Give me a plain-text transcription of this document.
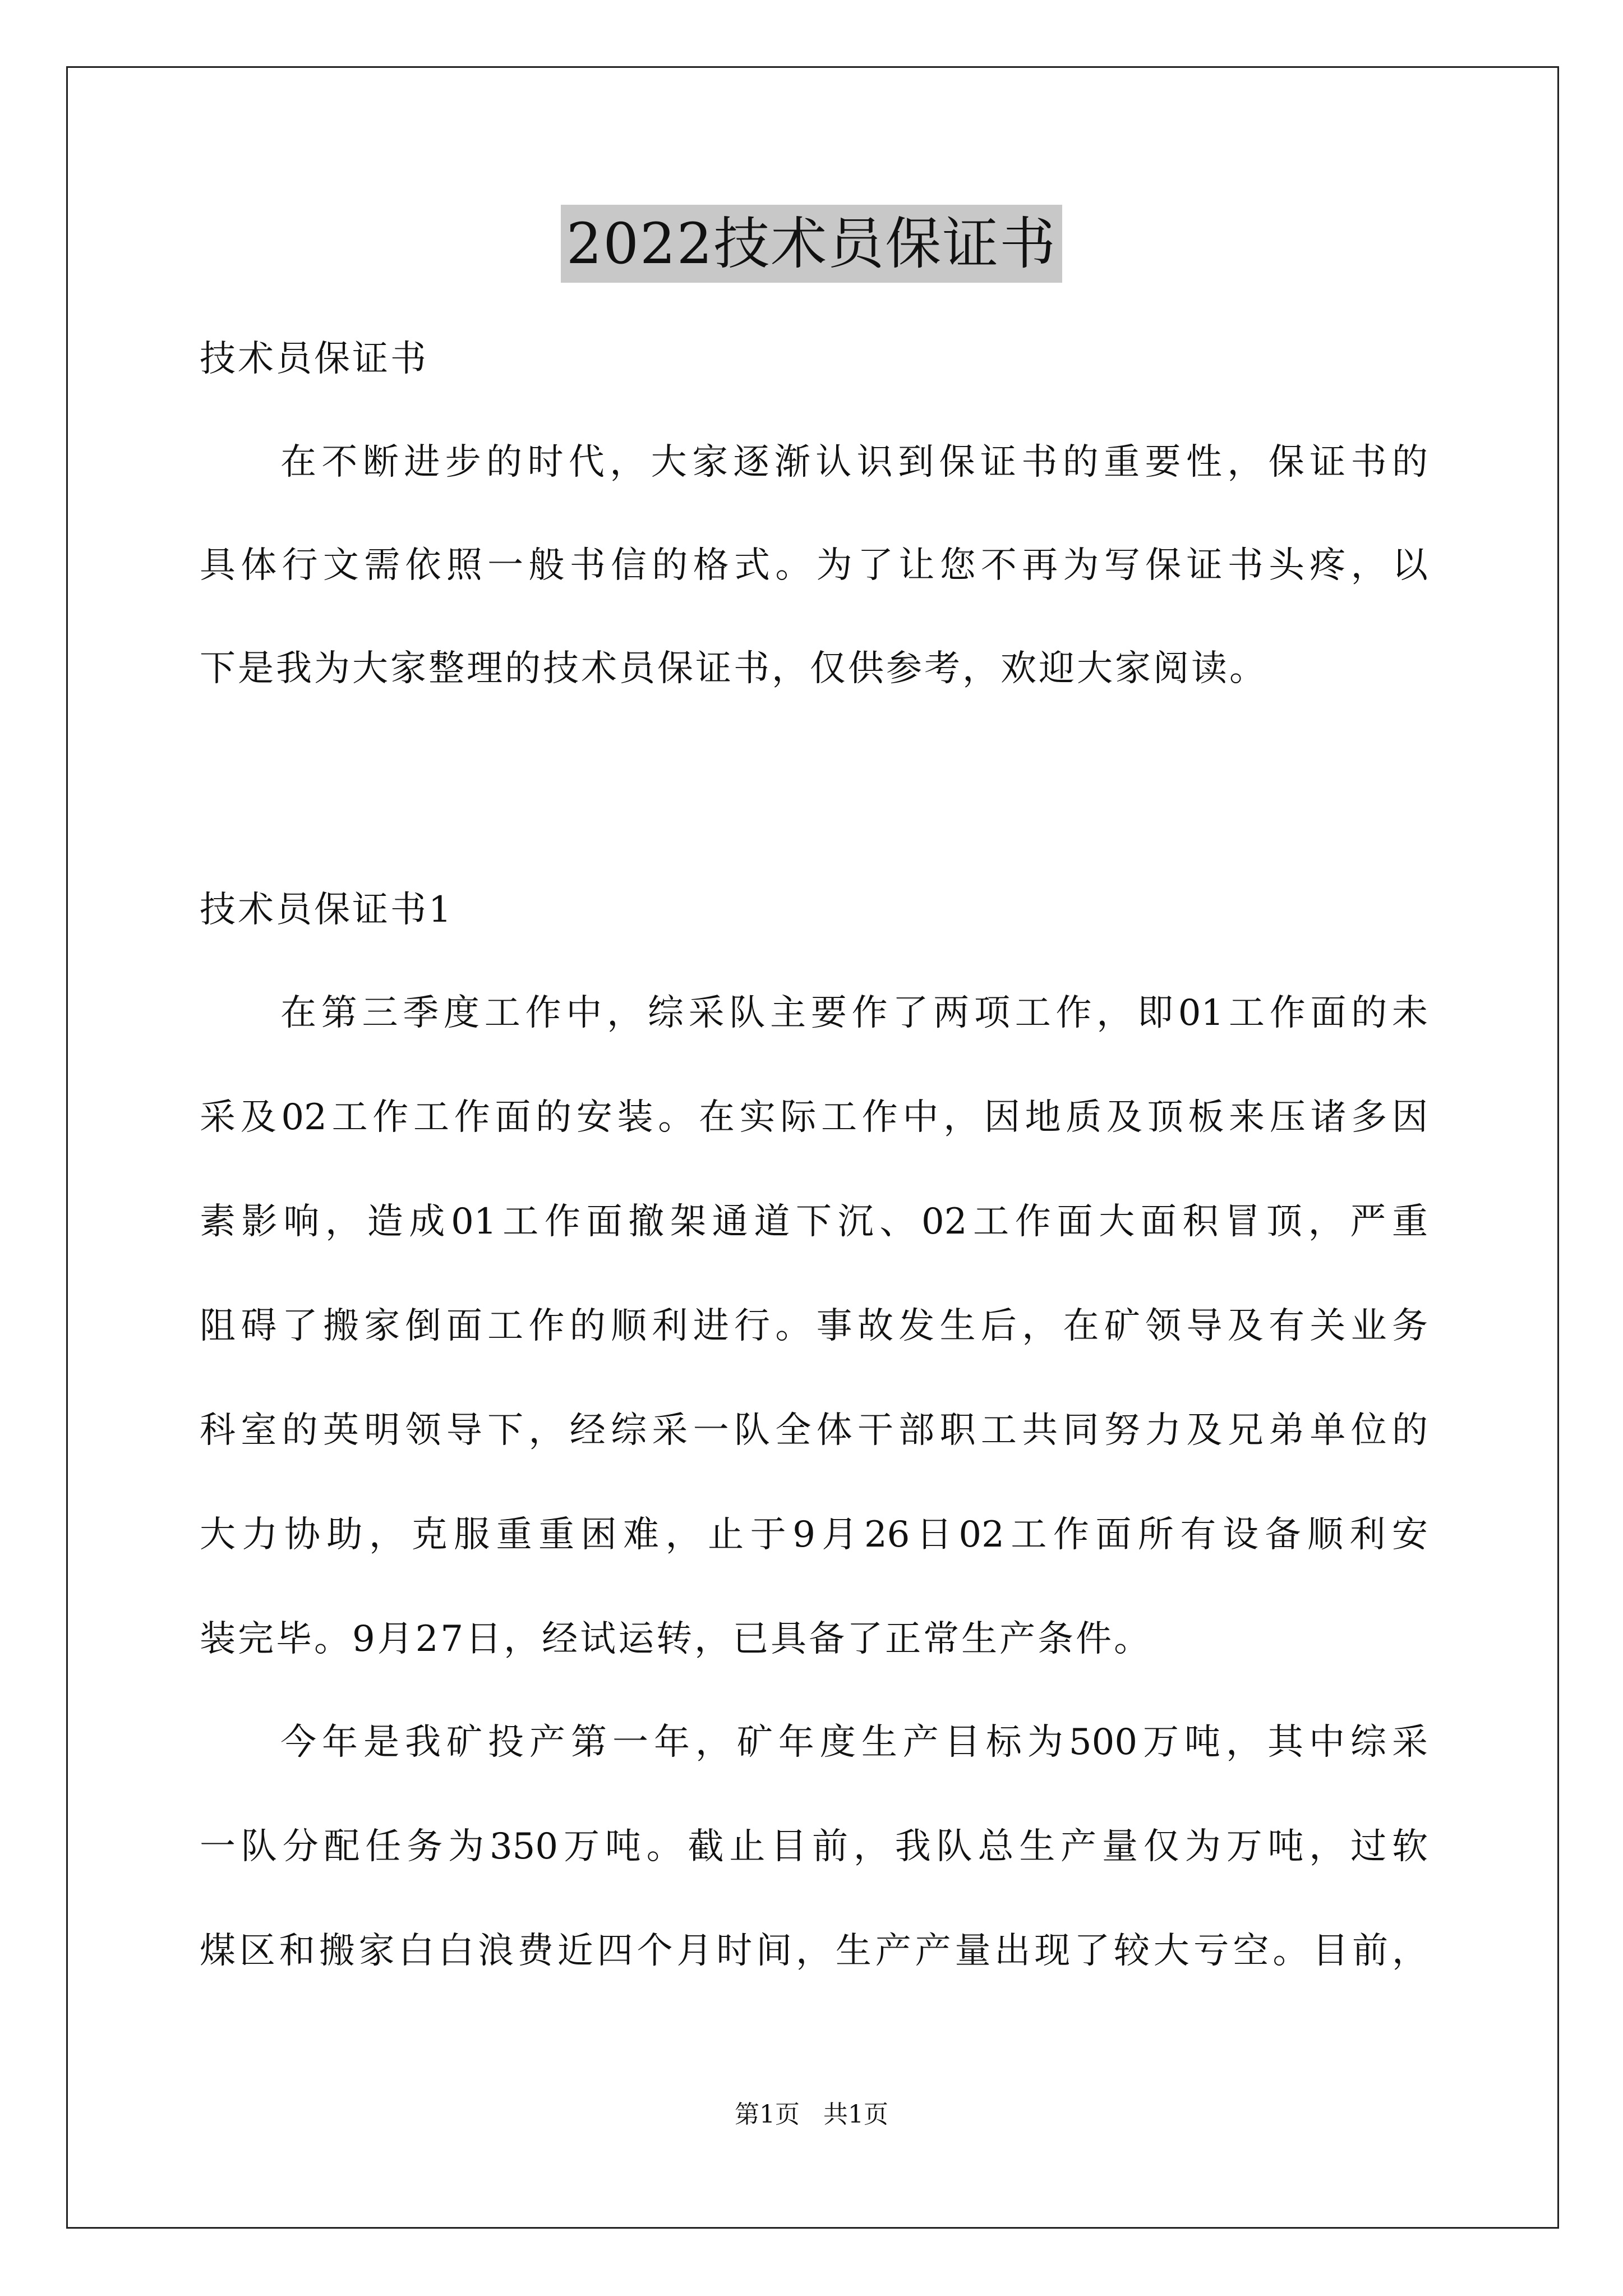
2022技术员保证书
技术员保证书
在不断进步的时代，大家逐渐认识到保证书的重要性，保证书的
具体行文需依照一般书信的格式。为了让您不再为写保证书头疼，以
下是我为大家整理的技术员保证书，仅供参考，欢迎大家阅读。
技术员保证书1
在第三季度工作中，综采队主要作了两项工作，即01工作面的未
采及02工作工作面的安装。在实际工作中，因地质及顶板来压诸多因
素影响，造成01工作面撤架通道下沉、02工作面大面积冒顶，严重
阻碍了搬家倒面工作的顺利进行。事故发生后，在矿领导及有关业务
科室的英明领导下，经综采一队全体干部职工共同努力及兄弟单位的
大力协助，克服重重困难，止于9月26日02工作面所有设备顺利安
装完毕。9月27日，经试运转，已具备了正常生产条件。
今年是我矿投产第一年，矿年度生产目标为500万吨，其中综采
一队分配任务为350万吨。截止目前，我队总生产量仅为万吨，过软
煤区和搬家白白浪费近四个月时间，生产产量出现了较大亏空。目前，
第1页   共1页
